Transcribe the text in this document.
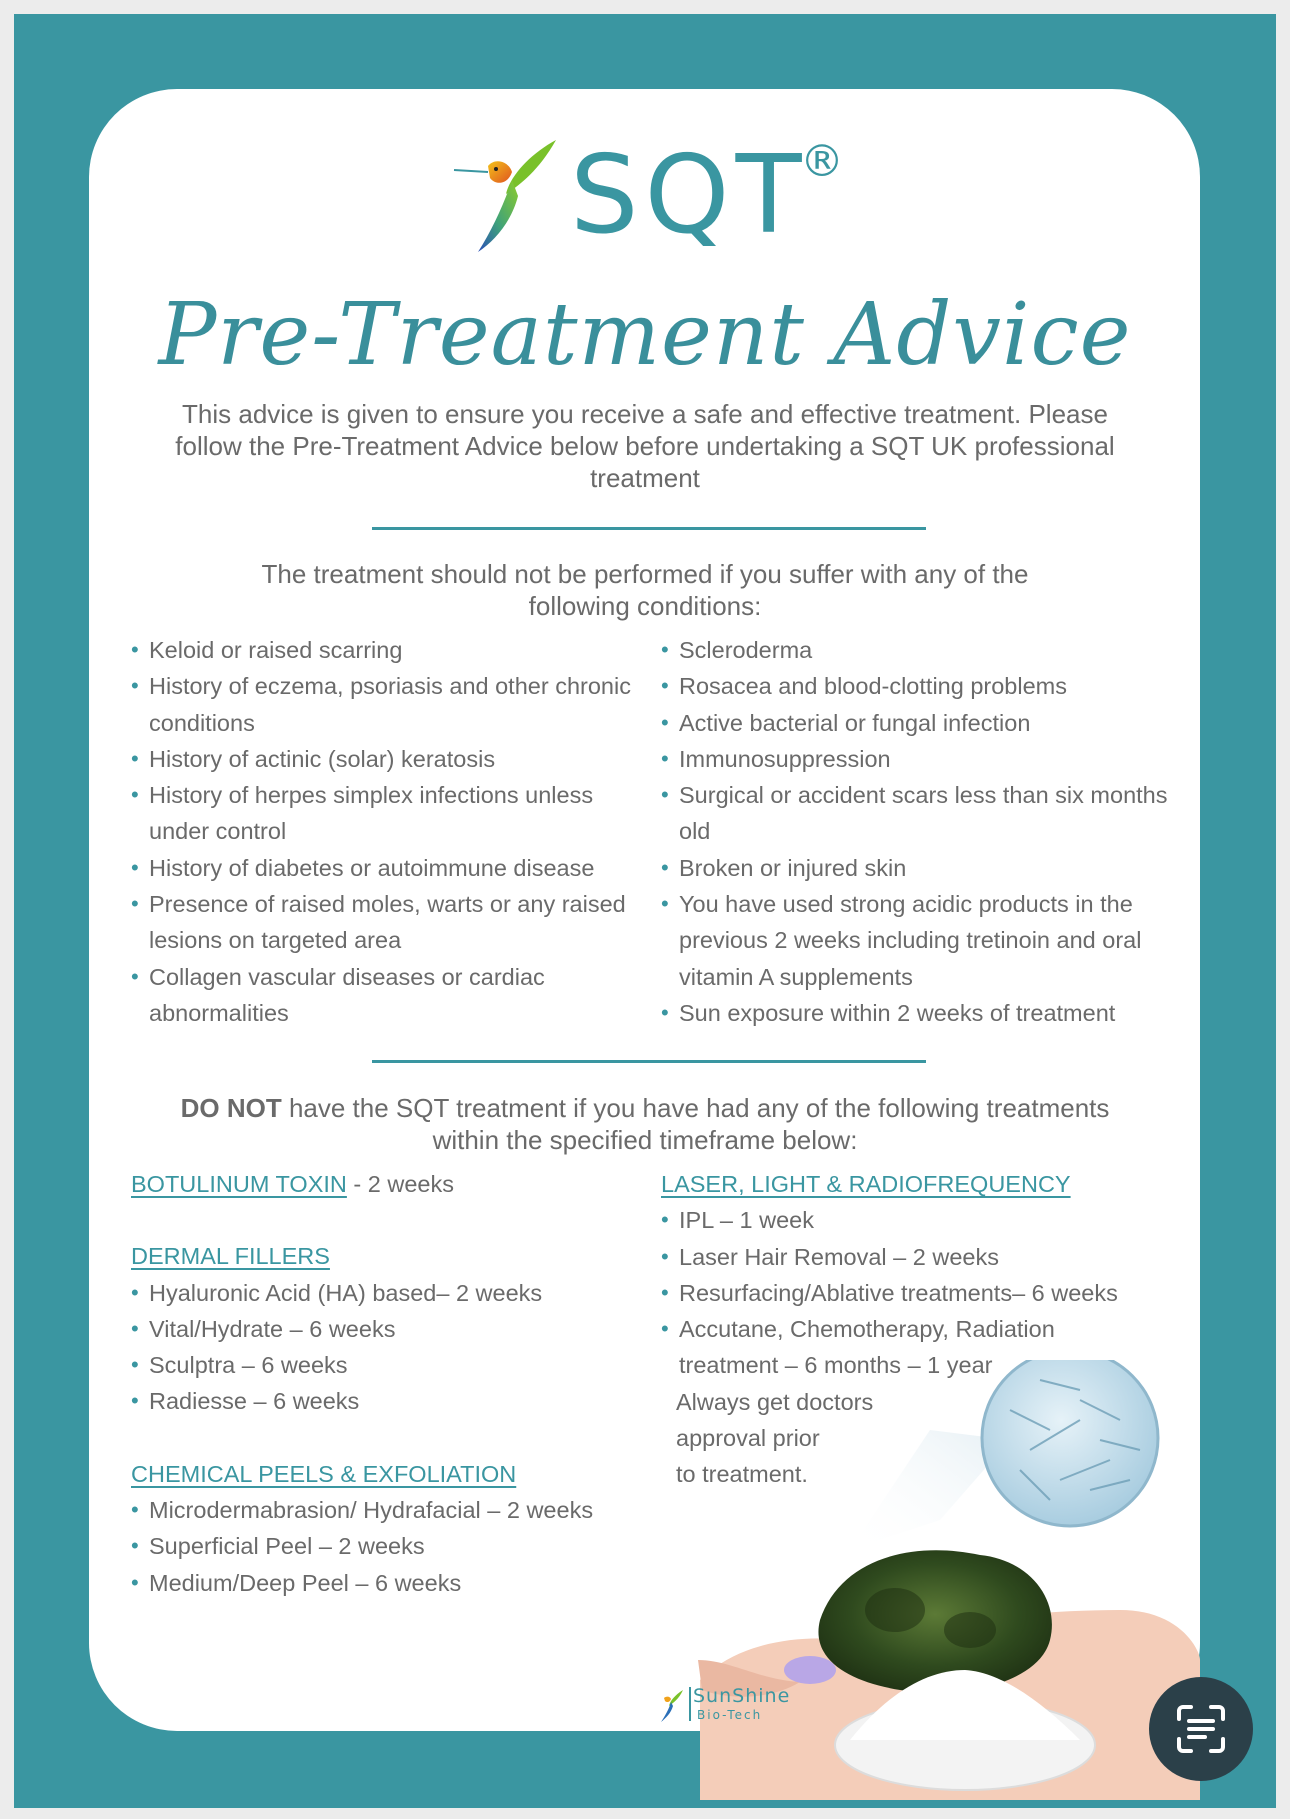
SQT
®
Pre-Treatment Advice
This advice is given to ensure you receive a safe and effective treatment. Please follow the Pre-Treatment Advice below before undertaking a SQT UK professional treatment
The treatment should not be performed if you suffer with any of the following conditions:
• Keloid or raised scarring
• History of eczema, psoriasis and other chronic conditions
• History of actinic (solar) keratosis
• History of herpes simplex infections unless under control
• History of diabetes or autoimmune disease
• Presence of raised moles, warts or any raised lesions on targeted area
• Collagen vascular diseases or cardiac abnormalities
• Scleroderma
• Rosacea and blood-clotting problems
• Active bacterial or fungal infection
• Immunosuppression
• Surgical or accident scars less than six months old
• Broken or injured skin
• You have used strong acidic products in the previous 2 weeks including tretinoin and oral vitamin A supplements
• Sun exposure within 2 weeks of treatment
DO NOT have the SQT treatment if you have had any of the following treatments within the specified timeframe below:
BOTULINUM TOXIN - 2 weeks
DERMAL FILLERS
• Hyaluronic Acid (HA) based– 2 weeks
• Vital/Hydrate – 6 weeks
• Sculptra – 6 weeks
• Radiesse – 6 weeks
CHEMICAL PEELS & EXFOLIATION
• Microdermabrasion/ Hydrafacial – 2 weeks
• Superficial Peel – 2 weeks
• Medium/Deep Peel – 6 weeks
LASER, LIGHT & RADIOFREQUENCY
• IPL – 1 week
• Laser Hair Removal – 2 weeks
• Resurfacing/Ablative treatments– 6 weeks
• Accutane, Chemotherapy, Radiation treatment – 6 months – 1 year
Always get doctors
approval prior
to treatment.
SunShine
Bio-Tech
